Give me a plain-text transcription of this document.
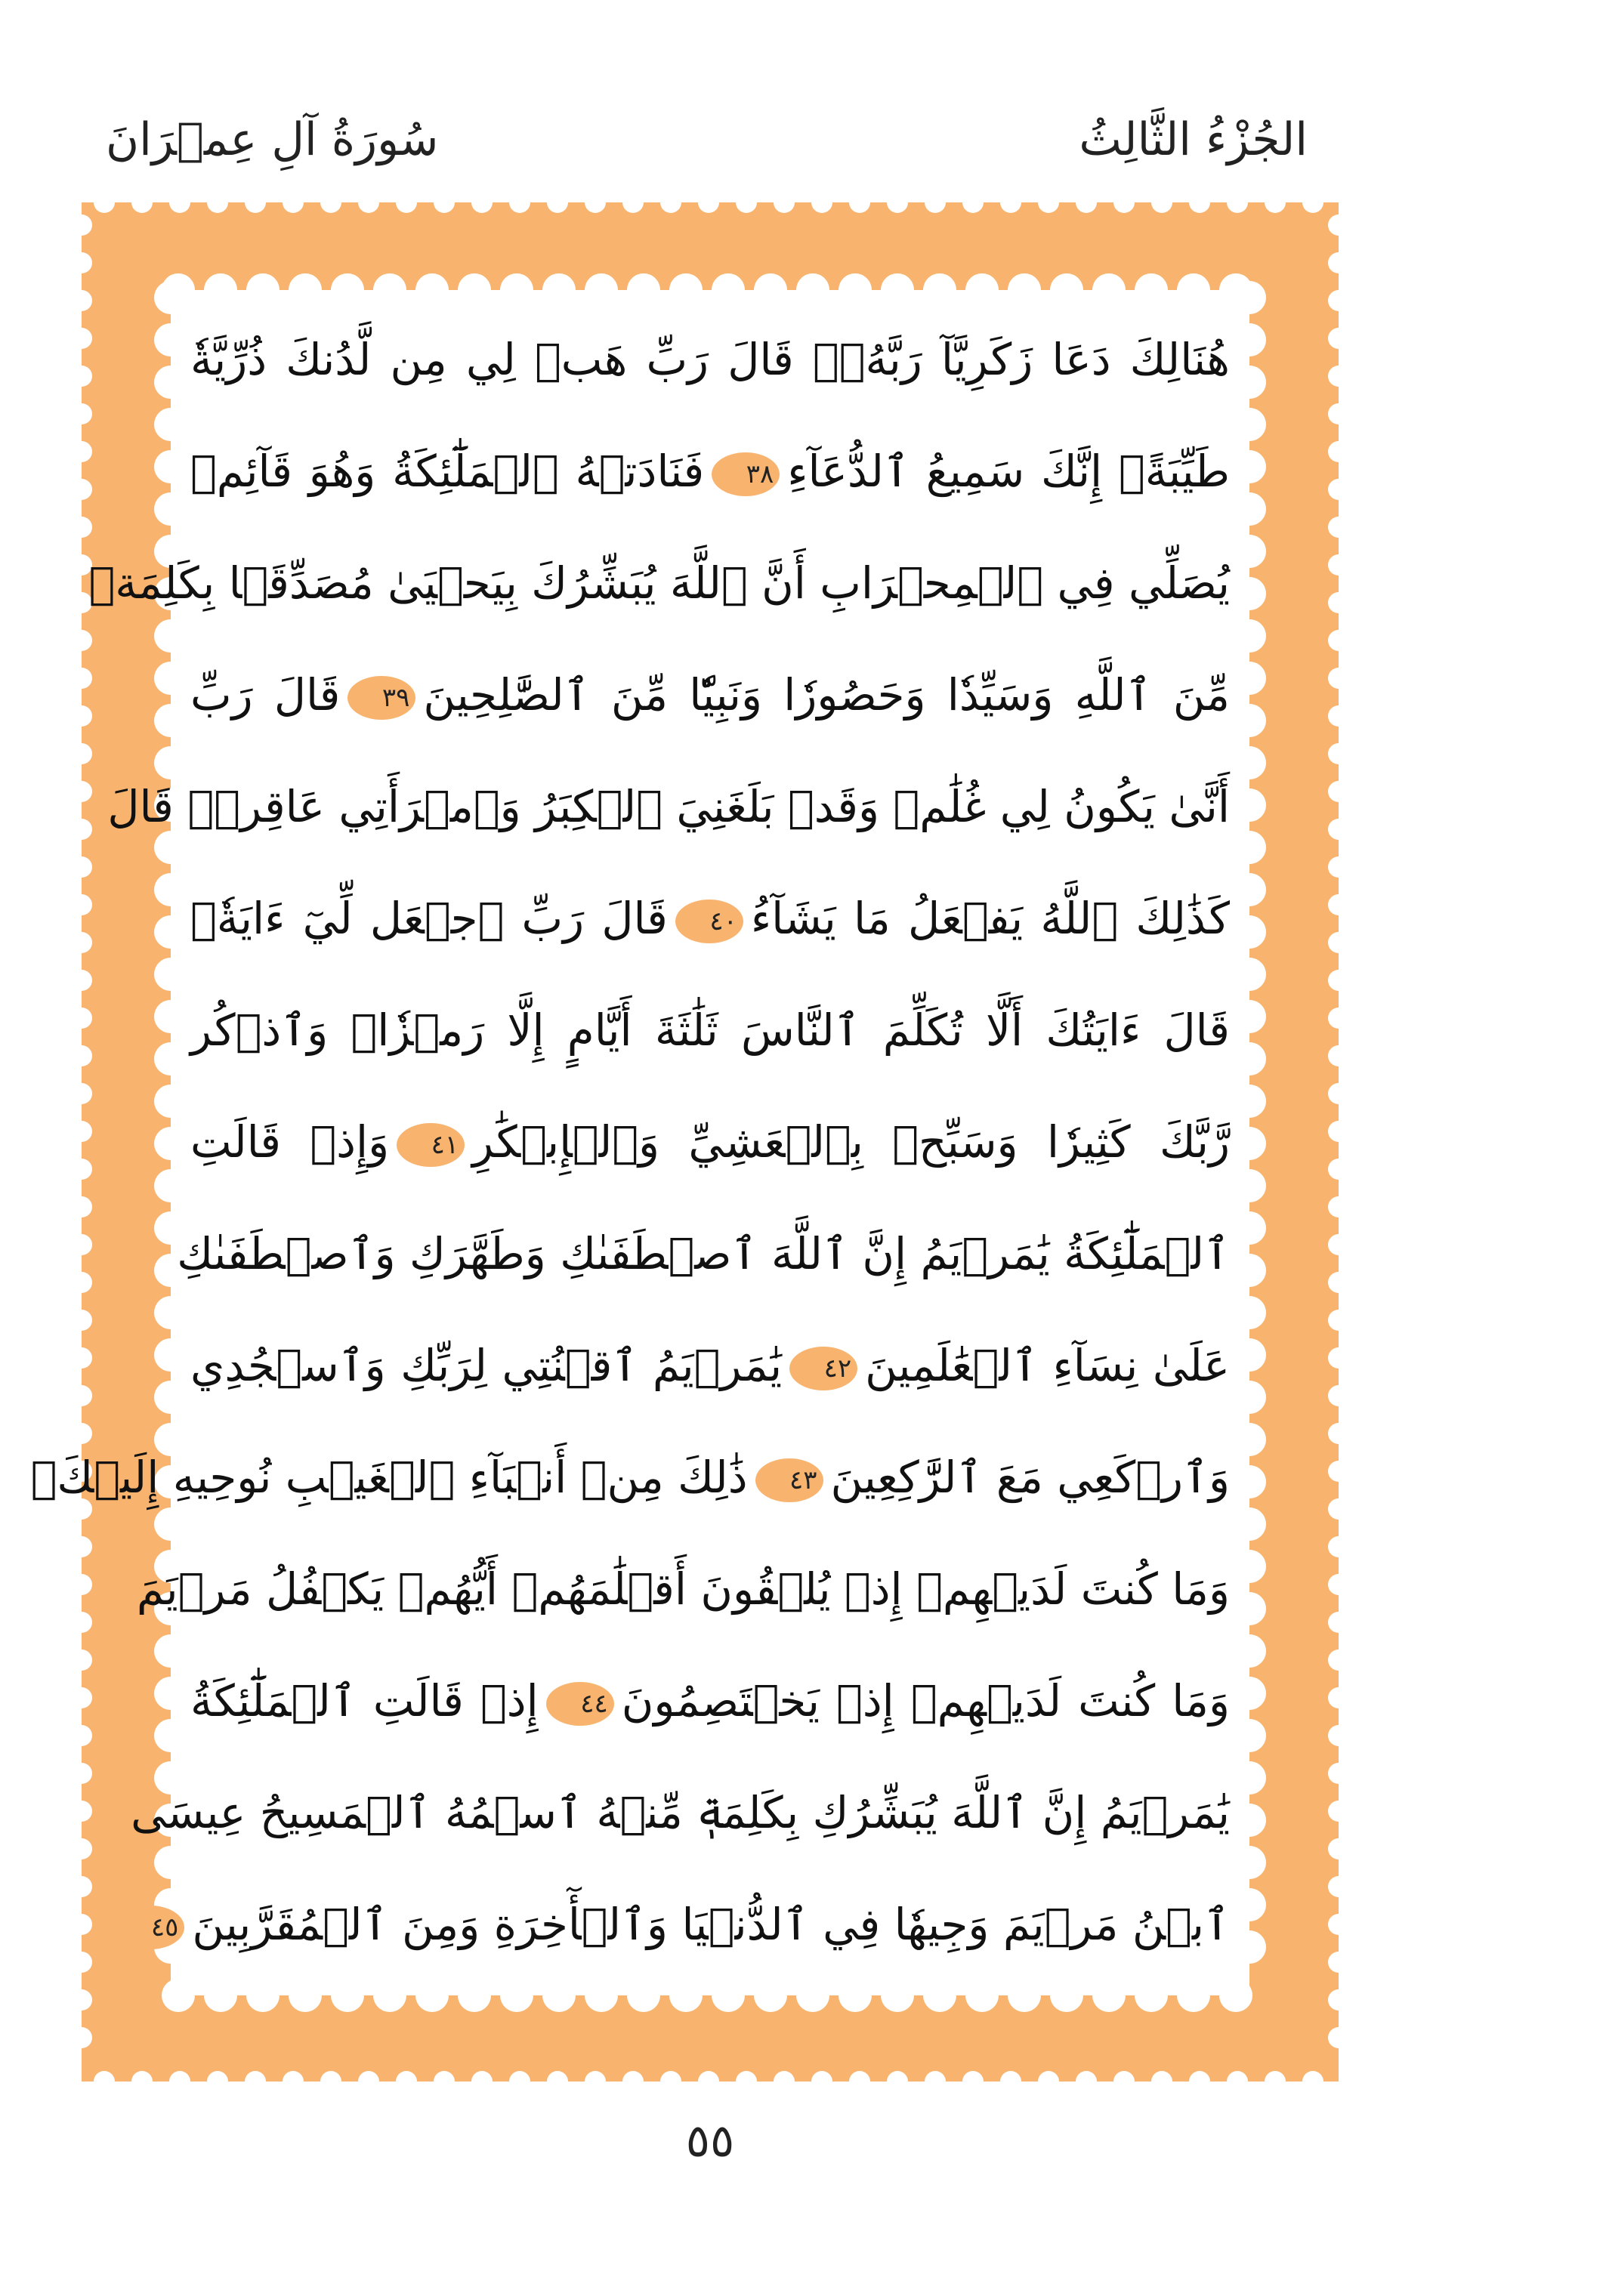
الجُزْءُ الثَّالِثُ
سُورَةُ آلِ عِمۡرَانَ
هُنَالِكَ دَعَا زَكَرِيَّآ رَبَّهُۥۖ قَالَ رَبِّ هَبۡ لِي مِن لَّدُنكَ ذُرِّيَّةٗ
طَيِّبَةًۖ إِنَّكَ سَمِيعُ ٱلدُّعَآءِ٣٨فَنَادَتۡهُ ٱلۡمَلَٰٓئِكَةُ وَهُوَ قَآئِمٞ
يُصَلِّي فِي ٱلۡمِحۡرَابِ أَنَّ ٱللَّهَ يُبَشِّرُكَ بِيَحۡيَىٰ مُصَدِّقَۢا بِكَلِمَةٖ
مِّنَ ٱللَّهِ وَسَيِّدٗا وَحَصُورٗا وَنَبِيّٗا مِّنَ ٱلصَّٰلِحِينَ٣٩قَالَ رَبِّ
أَنَّىٰ يَكُونُ لِي غُلَٰمٞ وَقَدۡ بَلَغَنِيَ ٱلۡكِبَرُ وَٱمۡرَأَتِي عَاقِرٞۖ قَالَ
كَذَٰلِكَ ٱللَّهُ يَفۡعَلُ مَا يَشَآءُ٤٠قَالَ رَبِّ ٱجۡعَل لِّيٓ ءَايَةٗۖ
قَالَ ءَايَتُكَ أَلَّا تُكَلِّمَ ٱلنَّاسَ ثَلَٰثَةَ أَيَّامٍ إِلَّا رَمۡزٗاۗ وَٱذۡكُر
رَّبَّكَ كَثِيرٗا وَسَبِّحۡ بِٱلۡعَشِيِّ وَٱلۡإِبۡكَٰرِ٤١وَإِذۡ قَالَتِ
ٱلۡمَلَٰٓئِكَةُ يَٰمَرۡيَمُ إِنَّ ٱللَّهَ ٱصۡطَفَىٰكِ وَطَهَّرَكِ وَٱصۡطَفَىٰكِ
عَلَىٰ نِسَآءِ ٱلۡعَٰلَمِينَ٤٢يَٰمَرۡيَمُ ٱقۡنُتِي لِرَبِّكِ وَٱسۡجُدِي
وَٱرۡكَعِي مَعَ ٱلرَّٰكِعِينَ٤٣ذَٰلِكَ مِنۡ أَنۢبَآءِ ٱلۡغَيۡبِ نُوحِيهِ إِلَيۡكَۚ
وَمَا كُنتَ لَدَيۡهِمۡ إِذۡ يُلۡقُونَ أَقۡلَٰمَهُمۡ أَيُّهُمۡ يَكۡفُلُ مَرۡيَمَ
وَمَا كُنتَ لَدَيۡهِمۡ إِذۡ يَخۡتَصِمُونَ٤٤إِذۡ قَالَتِ ٱلۡمَلَٰٓئِكَةُ
يَٰمَرۡيَمُ إِنَّ ٱللَّهَ يُبَشِّرُكِ بِكَلِمَةٖ مِّنۡهُ ٱسۡمُهُ ٱلۡمَسِيحُ عِيسَى
ٱبۡنُ مَرۡيَمَ وَجِيهٗا فِي ٱلدُّنۡيَا وَٱلۡأٓخِرَةِ وَمِنَ ٱلۡمُقَرَّبِينَ٤٥
٥٥
